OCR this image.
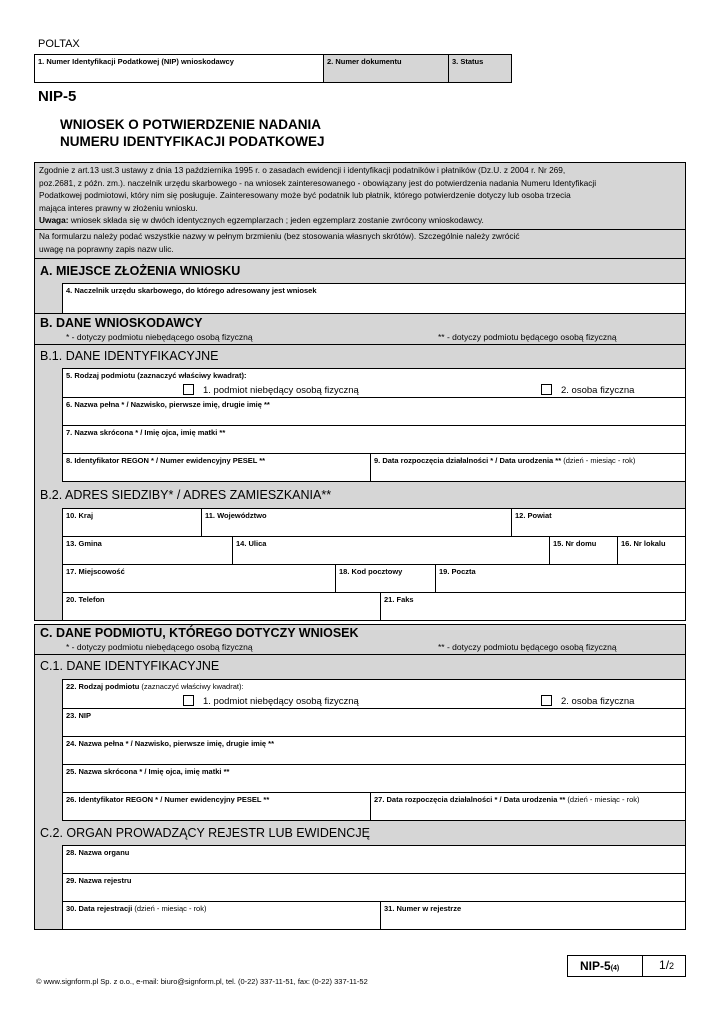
POLTAX
1. Numer Identyfikacji Podatkowej (NIP) wnioskodawcy	2. Numer dokumentu	3. Status
NIP-5
WNIOSEK O POTWIERDZENIE NADANIA
NUMERU IDENTYFIKACJI PODATKOWEJ

Zgodnie z art.13 ust.3 ustawy z dnia 13 października 1995 r. o zasadach ewidencji i identyfikacji podatników i płatników (Dz.U. z 2004 r. Nr 269,

poz.2681, z późn. zm.). naczelnik urzędu skarbowego - na wniosek zainteresowanego - obowiązany jest do potwierdzenia nadania Numeru Identyfikacji

Podatkowej podmiotowi, który nim się posługuje. Zainteresowany może być podatnik lub płatnik, którego potwierdzenie dotyczy lub osoba trzecia

mająca interes prawny w złożeniu wniosku.

Uwaga: wniosek składa się w dwóch identycznych egzemplarzach ; jeden egzemplarz zostanie zwrócony wnioskodawcy.

Na formularzu należy podać wszystkie nazwy w pełnym brzmieniu (bez stosowania własnych skrótów). Szczególnie należy zwrócić

uwagę na poprawny zapis nazw ulic.

A. MIEJSCE ZŁOŻENIA WNIOSKU
4. Naczelnik urzędu skarbowego, do którego adresowany jest wniosek
B. DANE WNIOSKODAWCY
* - dotyczy podmiotu niebędącego osobą fizyczną	** - dotyczy podmiotu będącego osobą fizyczną
B.1. DANE IDENTYFIKACYJNE
5. Rodzaj podmiotu (zaznaczyć właściwy kwadrat):
1. podmiot niebędący osobą fizyczną	2. osoba fizyczna
6. Nazwa pełna * / Nazwisko, pierwsze imię, drugie imię **
7. Nazwa skrócona * / Imię ojca, imię matki **
8. Identyfikator REGON * / Numer ewidencyjny PESEL **	9. Data rozpoczęcia działalności * / Data urodzenia ** (dzień - miesiąc - rok)
B.2. ADRES SIEDZIBY* / ADRES ZAMIESZKANIA**
10. Kraj	11. Województwo	12. Powiat
13. Gmina	14. Ulica	15. Nr domu	16. Nr lokalu
17. Miejscowość	18. Kod pocztowy	19. Poczta
20. Telefon	21. Faks
C. DANE PODMIOTU, KTÓREGO DOTYCZY WNIOSEK
* - dotyczy podmiotu niebędącego osobą fizyczną	** - dotyczy podmiotu będącego osobą fizyczną
C.1. DANE IDENTYFIKACYJNE
22. Rodzaj podmiotu (zaznaczyć właściwy kwadrat):
1. podmiot niebędący osobą fizyczną	2. osoba fizyczna
23. NIP
24. Nazwa pełna * / Nazwisko, pierwsze imię, drugie imię **
25. Nazwa skrócona * / Imię ojca, imię matki **
26. Identyfikator REGON * / Numer ewidencyjny PESEL **	27. Data rozpoczęcia działalności * / Data urodzenia ** (dzień - miesiąc - rok)
C.2. ORGAN PROWADZĄCY REJESTR LUB EWIDENCJĘ
28. Nazwa organu
29. Nazwa rejestru
30. Data rejestracji (dzień - miesiąc - rok)	31. Numer w rejestrze
NIP-5(4)	1/2
© www.signform.pl Sp. z o.o., e-mail: biuro@signform.pl, tel. (0-22) 337-11-51, fax: (0-22) 337-11-52
